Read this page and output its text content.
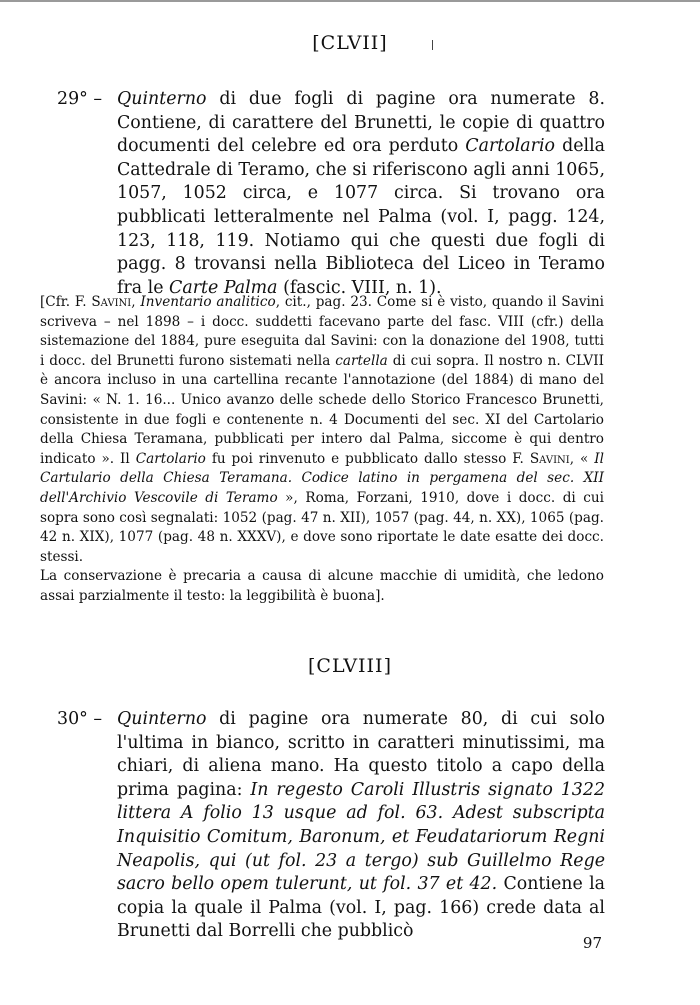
[CLVII]
29° – Quinterno di due fogli di pagine ora numerate 8. Contiene, di carattere del Brunetti, le copie di quattro documenti del celebre ed ora perduto Cartolario della Cattedrale di Teramo, che si riferiscono agli anni 1065, 1057, 1052 circa, e 1077 circa. Si trovano ora pubblicati letteralmente nel Palma (vol. I, pagg. 124, 123, 118, 119. Notiamo qui che questi due fogli di pagg. 8 trovansi nella Biblioteca del Liceo in Teramo fra le Carte Palma (fascic. VIII, n. 1).

[Cfr. F. Savini, Inventario analitico, cit., pag. 23. Come si è visto, quando il Savini scriveva – nel 1898 – i docc. suddetti facevano parte del fasc. VIII (cfr.) della sistemazione del 1884, pure eseguita dal Savini: con la donazione del 1908, tutti i docc. del Brunetti furono sistemati nella cartella di cui sopra. Il nostro n. CLVII è ancora incluso in una cartellina recante l'annotazione (del 1884) di mano del Savini: « N. 1. 16... Unico avanzo delle schede dello Storico Francesco Brunetti, consistente in due fogli e contenente n. 4 Documenti del sec. XI del Cartolario della Chiesa Teramana, pubblicati per intero dal Palma, siccome è qui dentro indicato ». Il Cartolario fu poi rinvenuto e pubblicato dallo stesso F. Savini, « Il Cartulario della Chiesa Teramana. Codice latino in pergamena del sec. XII dell'Archivio Vescovile di Teramo », Roma, Forzani, 1910, dove i docc. di cui sopra sono così segnalati: 1052 (pag. 47 n. XII), 1057 (pag. 44, n. XX), 1065 (pag. 42 n. XIX), 1077 (pag. 48 n. XXXV), e dove sono riportate le date esatte dei docc. stessi.

La conservazione è precaria a causa di alcune macchie di umidità, che ledono assai parzialmente il testo: la leggibilità è buona].

[CLVIII]
30° – Quinterno di pagine ora numerate 80, di cui solo l'ultima in bianco, scritto in caratteri minutissimi, ma chiari, di aliena mano. Ha questo titolo a capo della prima pagina: In regesto Caroli Illustris signato 1322 littera A folio 13 usque ad fol. 63. Adest subscripta Inquisitio Comitum, Baronum, et Feudatariorum Regni Neapolis, qui (ut fol. 23 a tergo) sub Guillelmo Rege sacro bello opem tulerunt, ut fol. 37 et 42. Contiene la copia la quale il Palma (vol. I, pag. 166) crede data al Brunetti dal Borrelli che pubblicò
97
